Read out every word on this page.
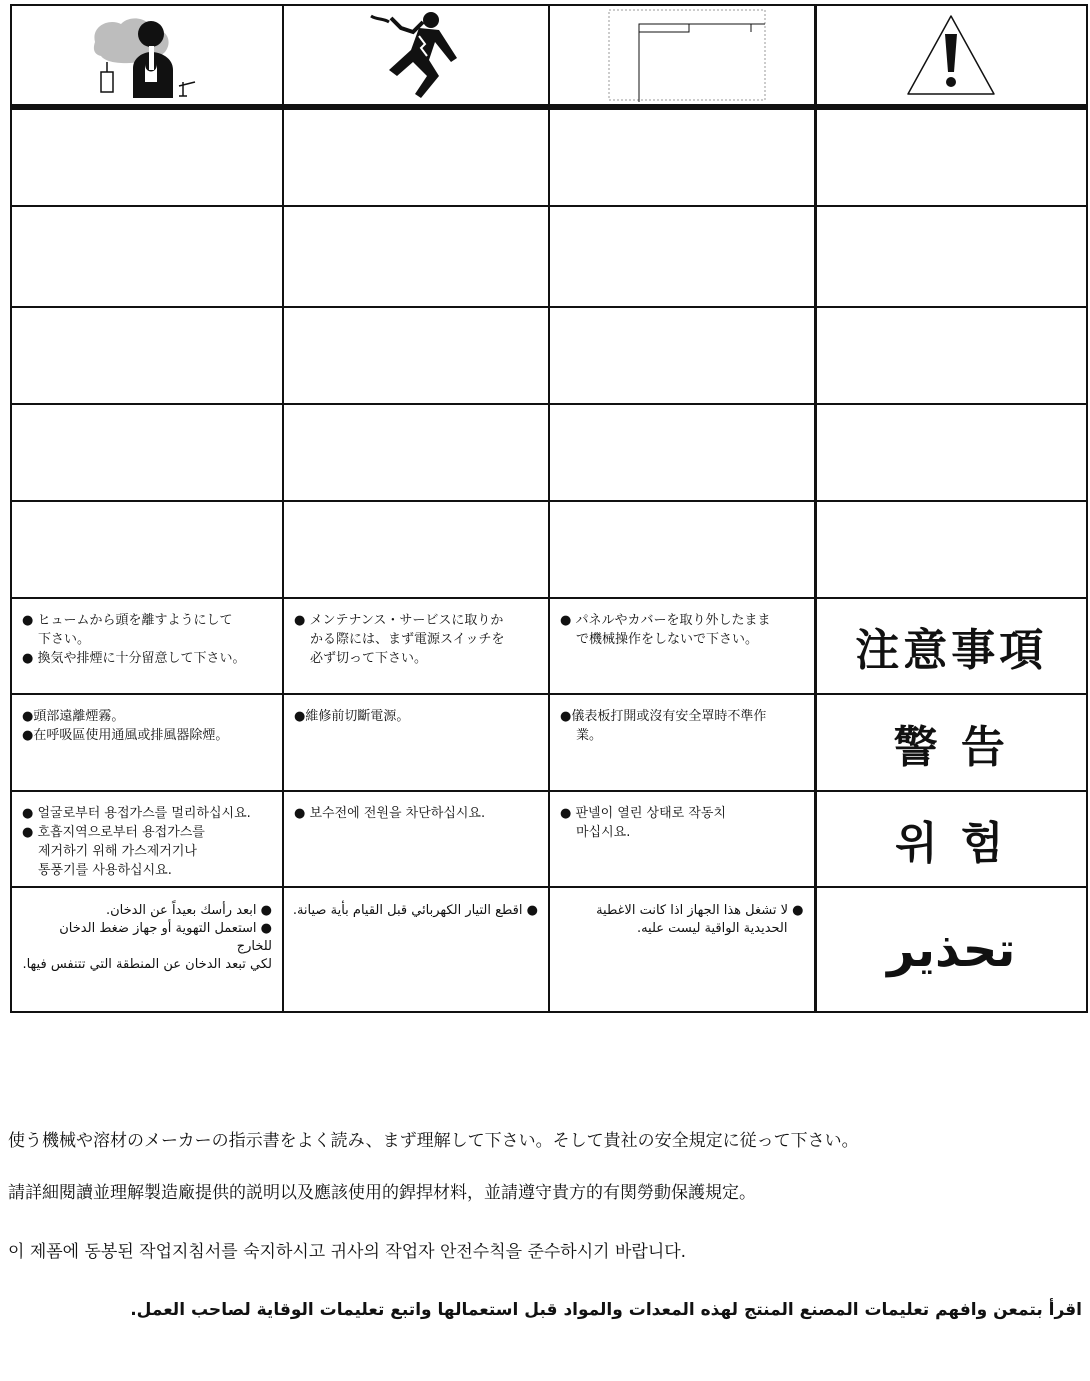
● ヒュームから頭を離すようにして
下さい。
● 換気や排煙に十分留意して下さい。	● メンテナンス・サービスに取りか
かる際には、まず電源スイッチを
必ず切って下さい。	● パネルやカバーを取り外したまま
で機械操作をしないで下さい。	注意事項

●頭部遠離煙霧。
●在呼吸區使用通風或排風器除煙。	●維修前切斷電源。	●儀表板打開或沒有安全罩時不準作
業。	警 告

● 얼굴로부터 용접가스를 멀리하십시요.
● 호흡지역으로부터 용접가스를
제거하기 위해 가스제거기나
통풍기를 사용하십시요.	● 보수전에 전원을 차단하십시요.	● 판넬이 열린 상태로 작동치
마십시요.	위 험

● ابعد رأسك بعيداً عن الدخان.
● استعمل التهوية أو جهاز ضغط الدخان للخارج
لكي تبعد الدخان عن المنطقة التي تتنفس فيها.	● اقطع التيار الكهربائي قبل القيام بأية صيانة.	● لا تشغل هذا الجهاز اذا كانت الاغطية
الحديدية الواقية ليست عليه.	تحذير
使う機械や溶材のメーカーの指示書をよく読み、まず理解して下さい。そして貴社の安全規定に従って下さい。
請詳細閱讀並理解製造廠提供的説明以及應該使用的銲捍材料，並請遵守貴方的有関勞動保護規定。
이 제폼에 동봉된 작업지침서를 숙지하시고 귀사의 작업자 안전수칙을 준수하시기 바랍니다.
اقرأ بتمعن وافهم تعليمات المصنع المنتج لهذه المعدات والمواد قبل استعمالها واتبع تعليمات الوقاية لصاحب العمل.
